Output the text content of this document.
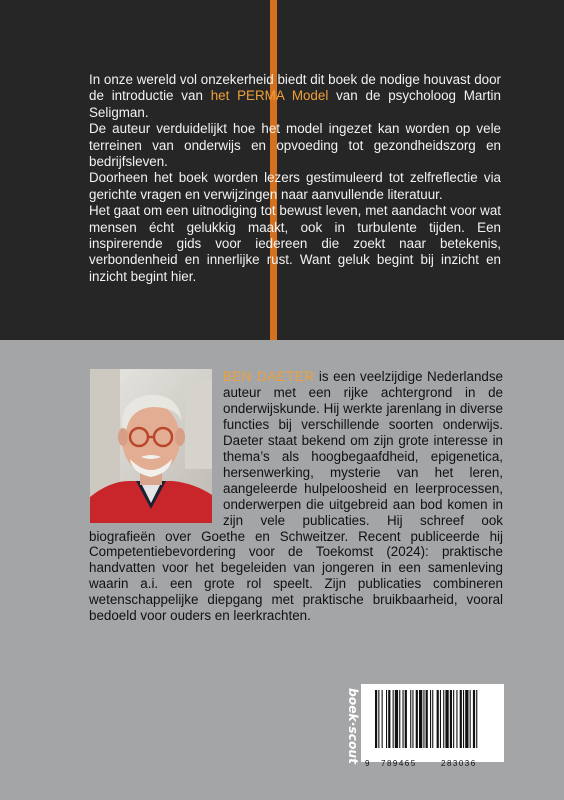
In onze wereld vol onzekerheid biedt dit boek de nodige houvast door de introductie van het PERMA Model van de psycholoog Martin Seligman.

De auteur verduidelijkt hoe het model ingezet kan worden op vele terreinen van onderwijs en opvoeding tot gezondheidszorg en bedrijfsleven.

Doorheen het boek worden lezers gestimuleerd tot zelfreflectie via gerichte vragen en verwijzingen naar aanvullende literatuur.

Het gaat om een uitnodiging tot bewust leven, met aandacht voor wat mensen écht gelukkig maakt, ook in turbulente tijden. Een inspirerende gids voor iedereen die zoekt naar betekenis, verbondenheid en innerlijke rust. Want geluk begint bij inzicht en inzicht begint hier.

BEN DAETER is een veelzijdige Nederlandse auteur met een rijke achtergrond in de onderwijskunde. Hij werkte jarenlang in diverse functies bij verschillende soorten onderwijs. Daeter staat bekend om zijn grote interesse in thema’s als hoogbegaafdheid, epigenetica, hersenwerking, mysterie van het leren, aangeleerde hulpeloosheid en leerprocessen, onderwerpen die uitgebreid aan bod komen in zijn vele publicaties. Hij schreef ook biografieën over Goethe en Schweitzer. Recent publiceerde hij Competentiebevordering voor de Toekomst (2024): praktische handvatten voor het begeleiden van jongeren in een samenleving waarin a.i. een grote rol speelt. Zijn publicaties combineren wetenschappelijke diepgang met praktische bruikbaarheid, vooral bedoeld voor ouders en leerkrachten.
boek·scout 9 789465	283036
